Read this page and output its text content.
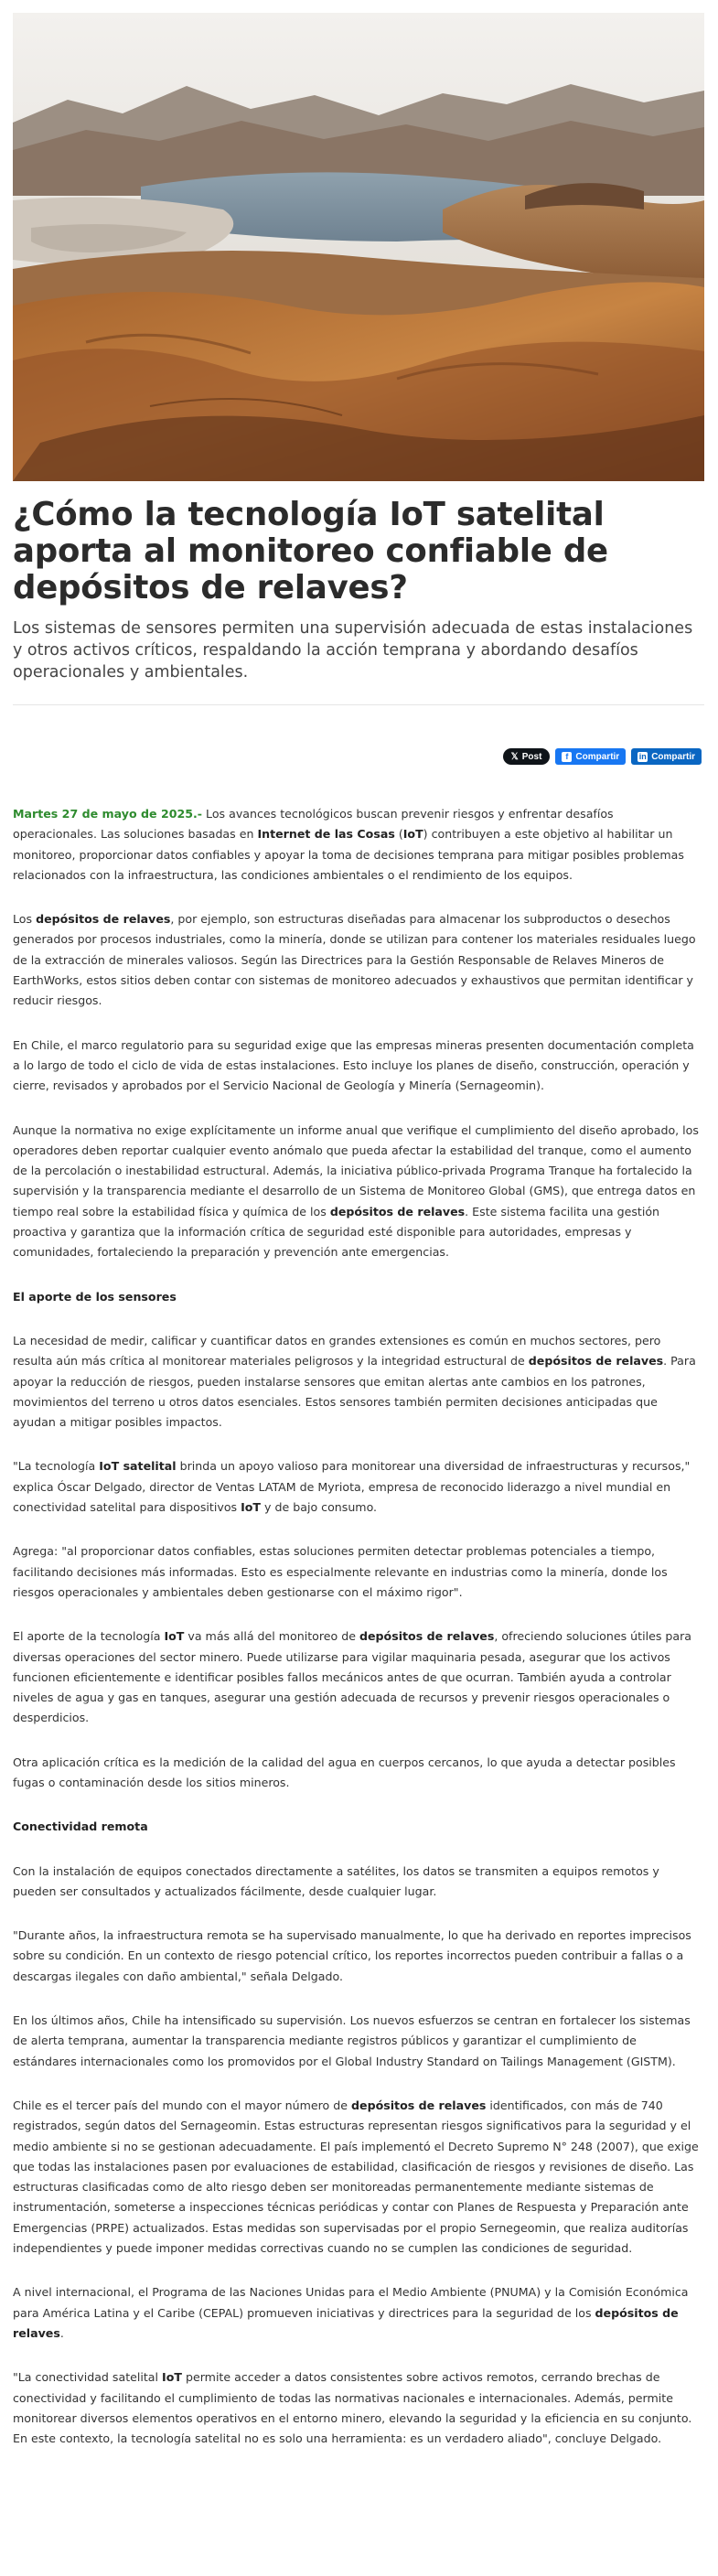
¿Cómo la tecnología IoT satelital aporta al monitoreo confiable de depósitos de relaves?

Los sistemas de sensores permiten una supervisión adecuada de estas instalaciones y otros activos críticos, respaldando la acción temprana y abordando desafíos operacionales y ambientales.

𝕏 Post	f Compartir in Compartir

Martes 27 de mayo de 2025.- Los avances tecnológicos buscan prevenir riesgos y enfrentar desafíos operacionales. Las soluciones basadas en Internet de las Cosas (IoT) contribuyen a este objetivo al habilitar un monitoreo, proporcionar datos confiables y apoyar la toma de decisiones temprana para mitigar posibles problemas relacionados con la infraestructura, las condiciones ambientales o el rendimiento de los equipos.

Los depósitos de relaves, por ejemplo, son estructuras diseñadas para almacenar los subproductos o desechos generados por procesos industriales, como la minería, donde se utilizan para contener los materiales residuales luego de la extracción de minerales valiosos. Según las Directrices para la Gestión Responsable de Relaves Mineros de EarthWorks, estos sitios deben contar con sistemas de monitoreo adecuados y exhaustivos que permitan identificar y reducir riesgos.

En Chile, el marco regulatorio para su seguridad exige que las empresas mineras presenten documentación completa a lo largo de todo el ciclo de vida de estas instalaciones. Esto incluye los planes de diseño, construcción, operación y cierre, revisados y aprobados por el Servicio Nacional de Geología y Minería (Sernageomin).

Aunque la normativa no exige explícitamente un informe anual que verifique el cumplimiento del diseño aprobado, los operadores deben reportar cualquier evento anómalo que pueda afectar la estabilidad del tranque, como el aumento de la percolación o inestabilidad estructural. Además, la iniciativa público-privada Programa Tranque ha fortalecido la supervisión y la transparencia mediante el desarrollo de un Sistema de Monitoreo Global (GMS), que entrega datos en tiempo real sobre la estabilidad física y química de los depósitos de relaves. Este sistema facilita una gestión proactiva y garantiza que la información crítica de seguridad esté disponible para autoridades, empresas y comunidades, fortaleciendo la preparación y prevención ante emergencias.

El aporte de los sensores

La necesidad de medir, calificar y cuantificar datos en grandes extensiones es común en muchos sectores, pero resulta aún más crítica al monitorear materiales peligrosos y la integridad estructural de depósitos de relaves. Para apoyar la reducción de riesgos, pueden instalarse sensores que emitan alertas ante cambios en los patrones, movimientos del terreno u otros datos esenciales. Estos sensores también permiten decisiones anticipadas que ayudan a mitigar posibles impactos.

"La tecnología IoT satelital brinda un apoyo valioso para monitorear una diversidad de infraestructuras y recursos," explica Óscar Delgado, director de Ventas LATAM de Myriota, empresa de reconocido liderazgo a nivel mundial en conectividad satelital para dispositivos IoT y de bajo consumo.

Agrega: "al proporcionar datos confiables, estas soluciones permiten detectar problemas potenciales a tiempo, facilitando decisiones más informadas. Esto es especialmente relevante en industrias como la minería, donde los riesgos operacionales y ambientales deben gestionarse con el máximo rigor".

El aporte de la tecnología IoT va más allá del monitoreo de depósitos de relaves, ofreciendo soluciones útiles para diversas operaciones del sector minero. Puede utilizarse para vigilar maquinaria pesada, asegurar que los activos funcionen eficientemente e identificar posibles fallos mecánicos antes de que ocurran. También ayuda a controlar niveles de agua y gas en tanques, asegurar una gestión adecuada de recursos y prevenir riesgos operacionales o desperdicios.

Otra aplicación crítica es la medición de la calidad del agua en cuerpos cercanos, lo que ayuda a detectar posibles fugas o contaminación desde los sitios mineros.

Conectividad remota

Con la instalación de equipos conectados directamente a satélites, los datos se transmiten a equipos remotos y pueden ser consultados y actualizados fácilmente, desde cualquier lugar.

"Durante años, la infraestructura remota se ha supervisado manualmente, lo que ha derivado en reportes imprecisos sobre su condición. En un contexto de riesgo potencial crítico, los reportes incorrectos pueden contribuir a fallas o a descargas ilegales con daño ambiental," señala Delgado.

En los últimos años, Chile ha intensificado su supervisión. Los nuevos esfuerzos se centran en fortalecer los sistemas de alerta temprana, aumentar la transparencia mediante registros públicos y garantizar el cumplimiento de estándares internacionales como los promovidos por el Global Industry Standard on Tailings Management (GISTM).

Chile es el tercer país del mundo con el mayor número de depósitos de relaves identificados, con más de 740 registrados, según datos del Sernageomin. Estas estructuras representan riesgos significativos para la seguridad y el medio ambiente si no se gestionan adecuadamente. El país implementó el Decreto Supremo N° 248 (2007), que exige que todas las instalaciones pasen por evaluaciones de estabilidad, clasificación de riesgos y revisiones de diseño. Las estructuras clasificadas como de alto riesgo deben ser monitoreadas permanentemente mediante sistemas de instrumentación, someterse a inspecciones técnicas periódicas y contar con Planes de Respuesta y Preparación ante Emergencias (PRPE) actualizados. Estas medidas son supervisadas por el propio Sernegeomin, que realiza auditorías independientes y puede imponer medidas correctivas cuando no se cumplen las condiciones de seguridad.

A nivel internacional, el Programa de las Naciones Unidas para el Medio Ambiente (PNUMA) y la Comisión Económica para América Latina y el Caribe (CEPAL) promueven iniciativas y directrices para la seguridad de los depósitos de relaves.

"La conectividad satelital IoT permite acceder a datos consistentes sobre activos remotos, cerrando brechas de conectividad y facilitando el cumplimiento de todas las normativas nacionales e internacionales. Además, permite monitorear diversos elementos operativos en el entorno minero, elevando la seguridad y la eficiencia en su conjunto. En este contexto, la tecnología satelital no es solo una herramienta: es un verdadero aliado", concluye Delgado.
